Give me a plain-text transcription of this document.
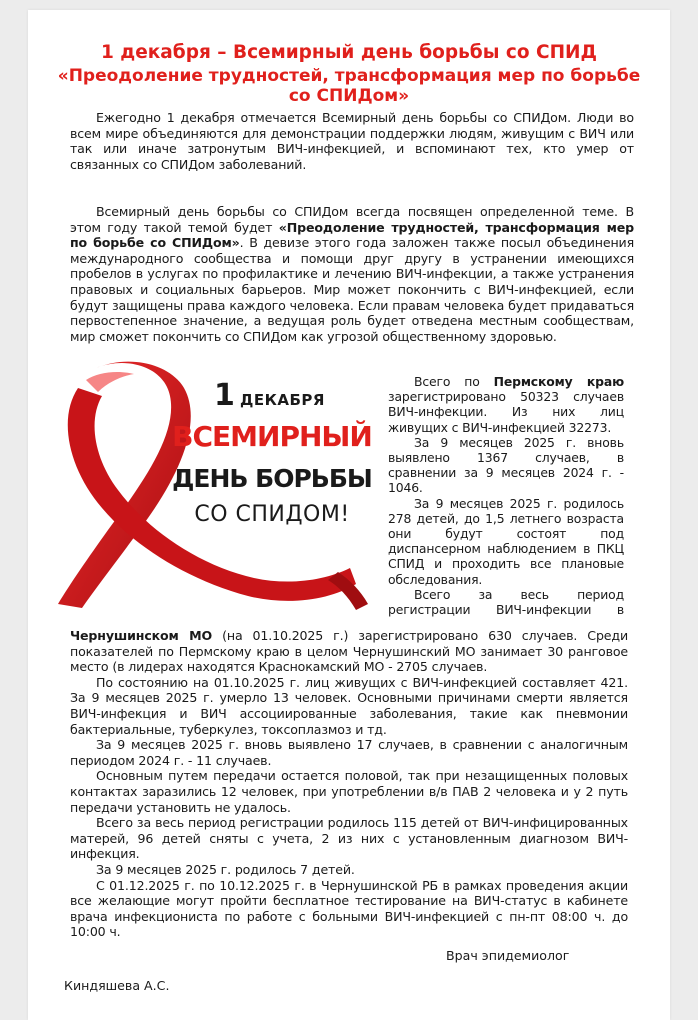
1 декабря – Всемирный день борьбы со СПИД
«Преодоление трудностей, трансформация мер по борьбе
со СПИДом»

Ежегодно 1 декабря отмечается Всемирный день борьбы со СПИДом. Люди во всем мире объединяются для демонстрации поддержки людям, живущим с ВИЧ или так или иначе затронутым ВИЧ-инфекцией, и вспоминают тех, кто умер от связанных со СПИДом заболеваний.

Всемирный день борьбы со СПИДом всегда посвящен определенной теме. В этом году такой темой будет «Преодоление трудностей, трансформация мер по борьбе со СПИДом». В девизе этого года заложен также посыл объединения международного сообщества и помощи друг другу в устранении имеющихся пробелов в услугах по профилактике и лечению ВИЧ-инфекции, а также устранения правовых и социальных барьеров. Мир может покончить с ВИЧ-инфекцией, если будут защищены права каждого человека. Если правам человека будет придаваться первостепенное значение, а ведущая роль будет отведена местным сообществам, мир сможет покончить со СПИДом как угрозой общественному здоровью.

1 ДЕКАБРЯ
ВСЕМИРНЫЙ
ДЕНЬ БОРЬБЫ
СО СПИДОМ!

Всего по Пермскому краю зарегистрировано 50323 случаев ВИЧ-инфекции. Из них лиц живущих с ВИЧ-инфекцией 32273.

За 9 месяцев 2025 г. вновь выявлено 1367 случаев, в сравнении за 9 месяцев 2024 г. - 1046.

За 9 месяцев 2025 г. родилось 278 детей, до 1,5 летнего возраста они будут состоят под диспансерном наблюдением в ПКЦ СПИД и проходить все плановые обследования.

Всего за весь период регистрации ВИЧ-инфекции в

Чернушинском МО (на 01.10.2025 г.) зарегистрировано 630 случаев. Среди показателей по Пермскому краю в целом Чернушинский МО занимает 30 ранговое место (в лидерах находятся Краснокамский МО - 2705 случаев.
По состоянию на 01.10.2025 г. лиц живущих с ВИЧ-инфекцией составляет 421. За 9 месяцев 2025 г. умерло 13 человек. Основными причинами смерти является ВИЧ-инфекция и ВИЧ ассоциированные заболевания, такие как пневмонии бактериальные, туберкулез, токсоплазмоз и тд.
За 9 месяцев 2025 г. вновь выявлено 17 случаев, в сравнении с аналогичным периодом 2024 г. - 11 случаев.
Основным путем передачи остается половой, так при незащищенных половых контактах заразились 12 человек, при употреблении в/в ПАВ 2 человека и у 2 путь передачи установить не удалось.
Всего за весь период регистрации родилось 115 детей от ВИЧ-инфицированных матерей, 96 детей сняты с учета, 2 из них с установленным диагнозом ВИЧ-инфекция.
За 9 месяцев 2025 г. родилось 7 детей.
С 01.12.2025 г. по 10.12.2025 г. в Чернушинской РБ в рамках проведения акции все желающие могут пройти бесплатное тестирование на ВИЧ-статус в кабинете врача инфекциониста по работе с больными ВИЧ-инфекцией с пн-пт 08:00 ч. до 10:00 ч.
Врач эпидемиолог
Киндяшева А.С.
